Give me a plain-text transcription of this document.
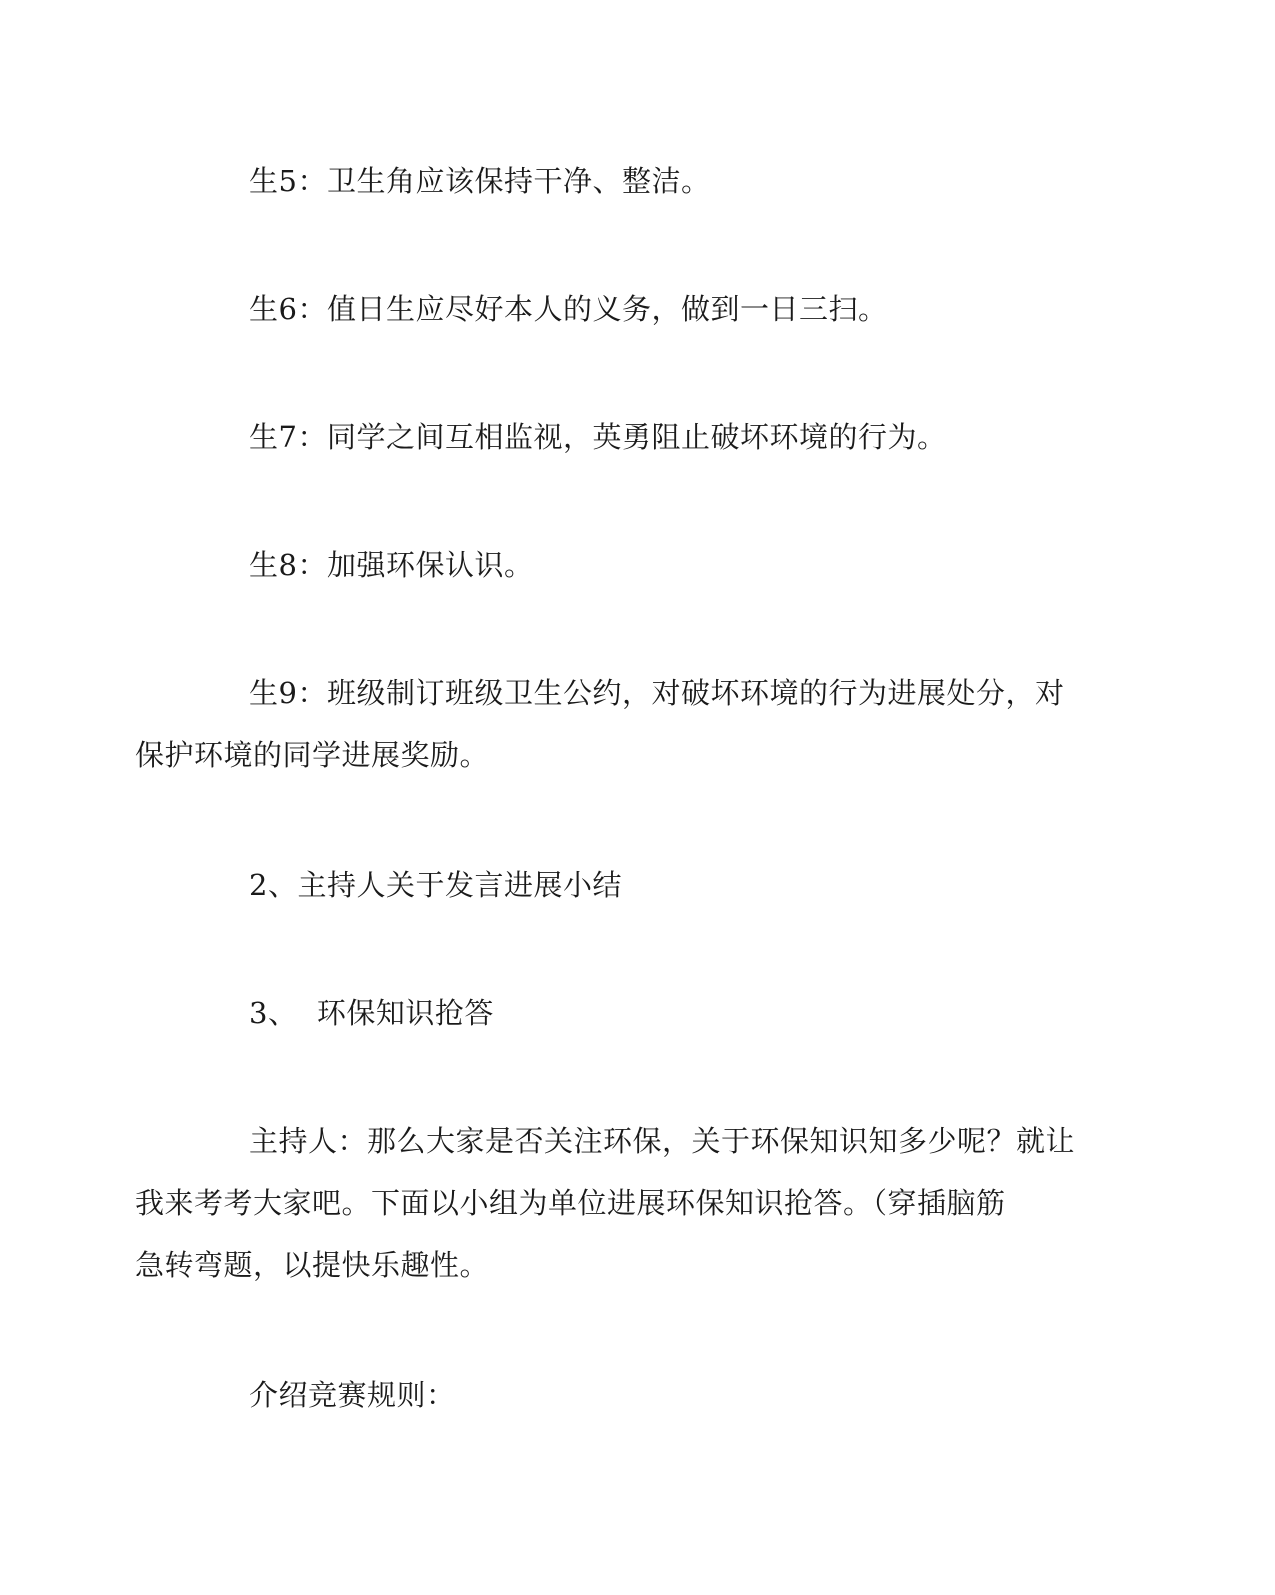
生5：卫生角应该保持干净、整洁。

生6：值日生应尽好本人的义务，做到一日三扫。

生7：同学之间互相监视，英勇阻止破坏环境的行为。

生8：加强环保认识。

生9：班级制订班级卫生公约，对破坏环境的行为进展处分，对
保护环境的同学进展奖励。

2、主持人关于发言进展小结

3、  环保知识抢答

主持人：那么大家是否关注环保，关于环保知识知多少呢？就让
我来考考大家吧。下面以小组为单位进展环保知识抢答。（穿插脑筋
急转弯题，以提快乐趣性。

介绍竞赛规则：
